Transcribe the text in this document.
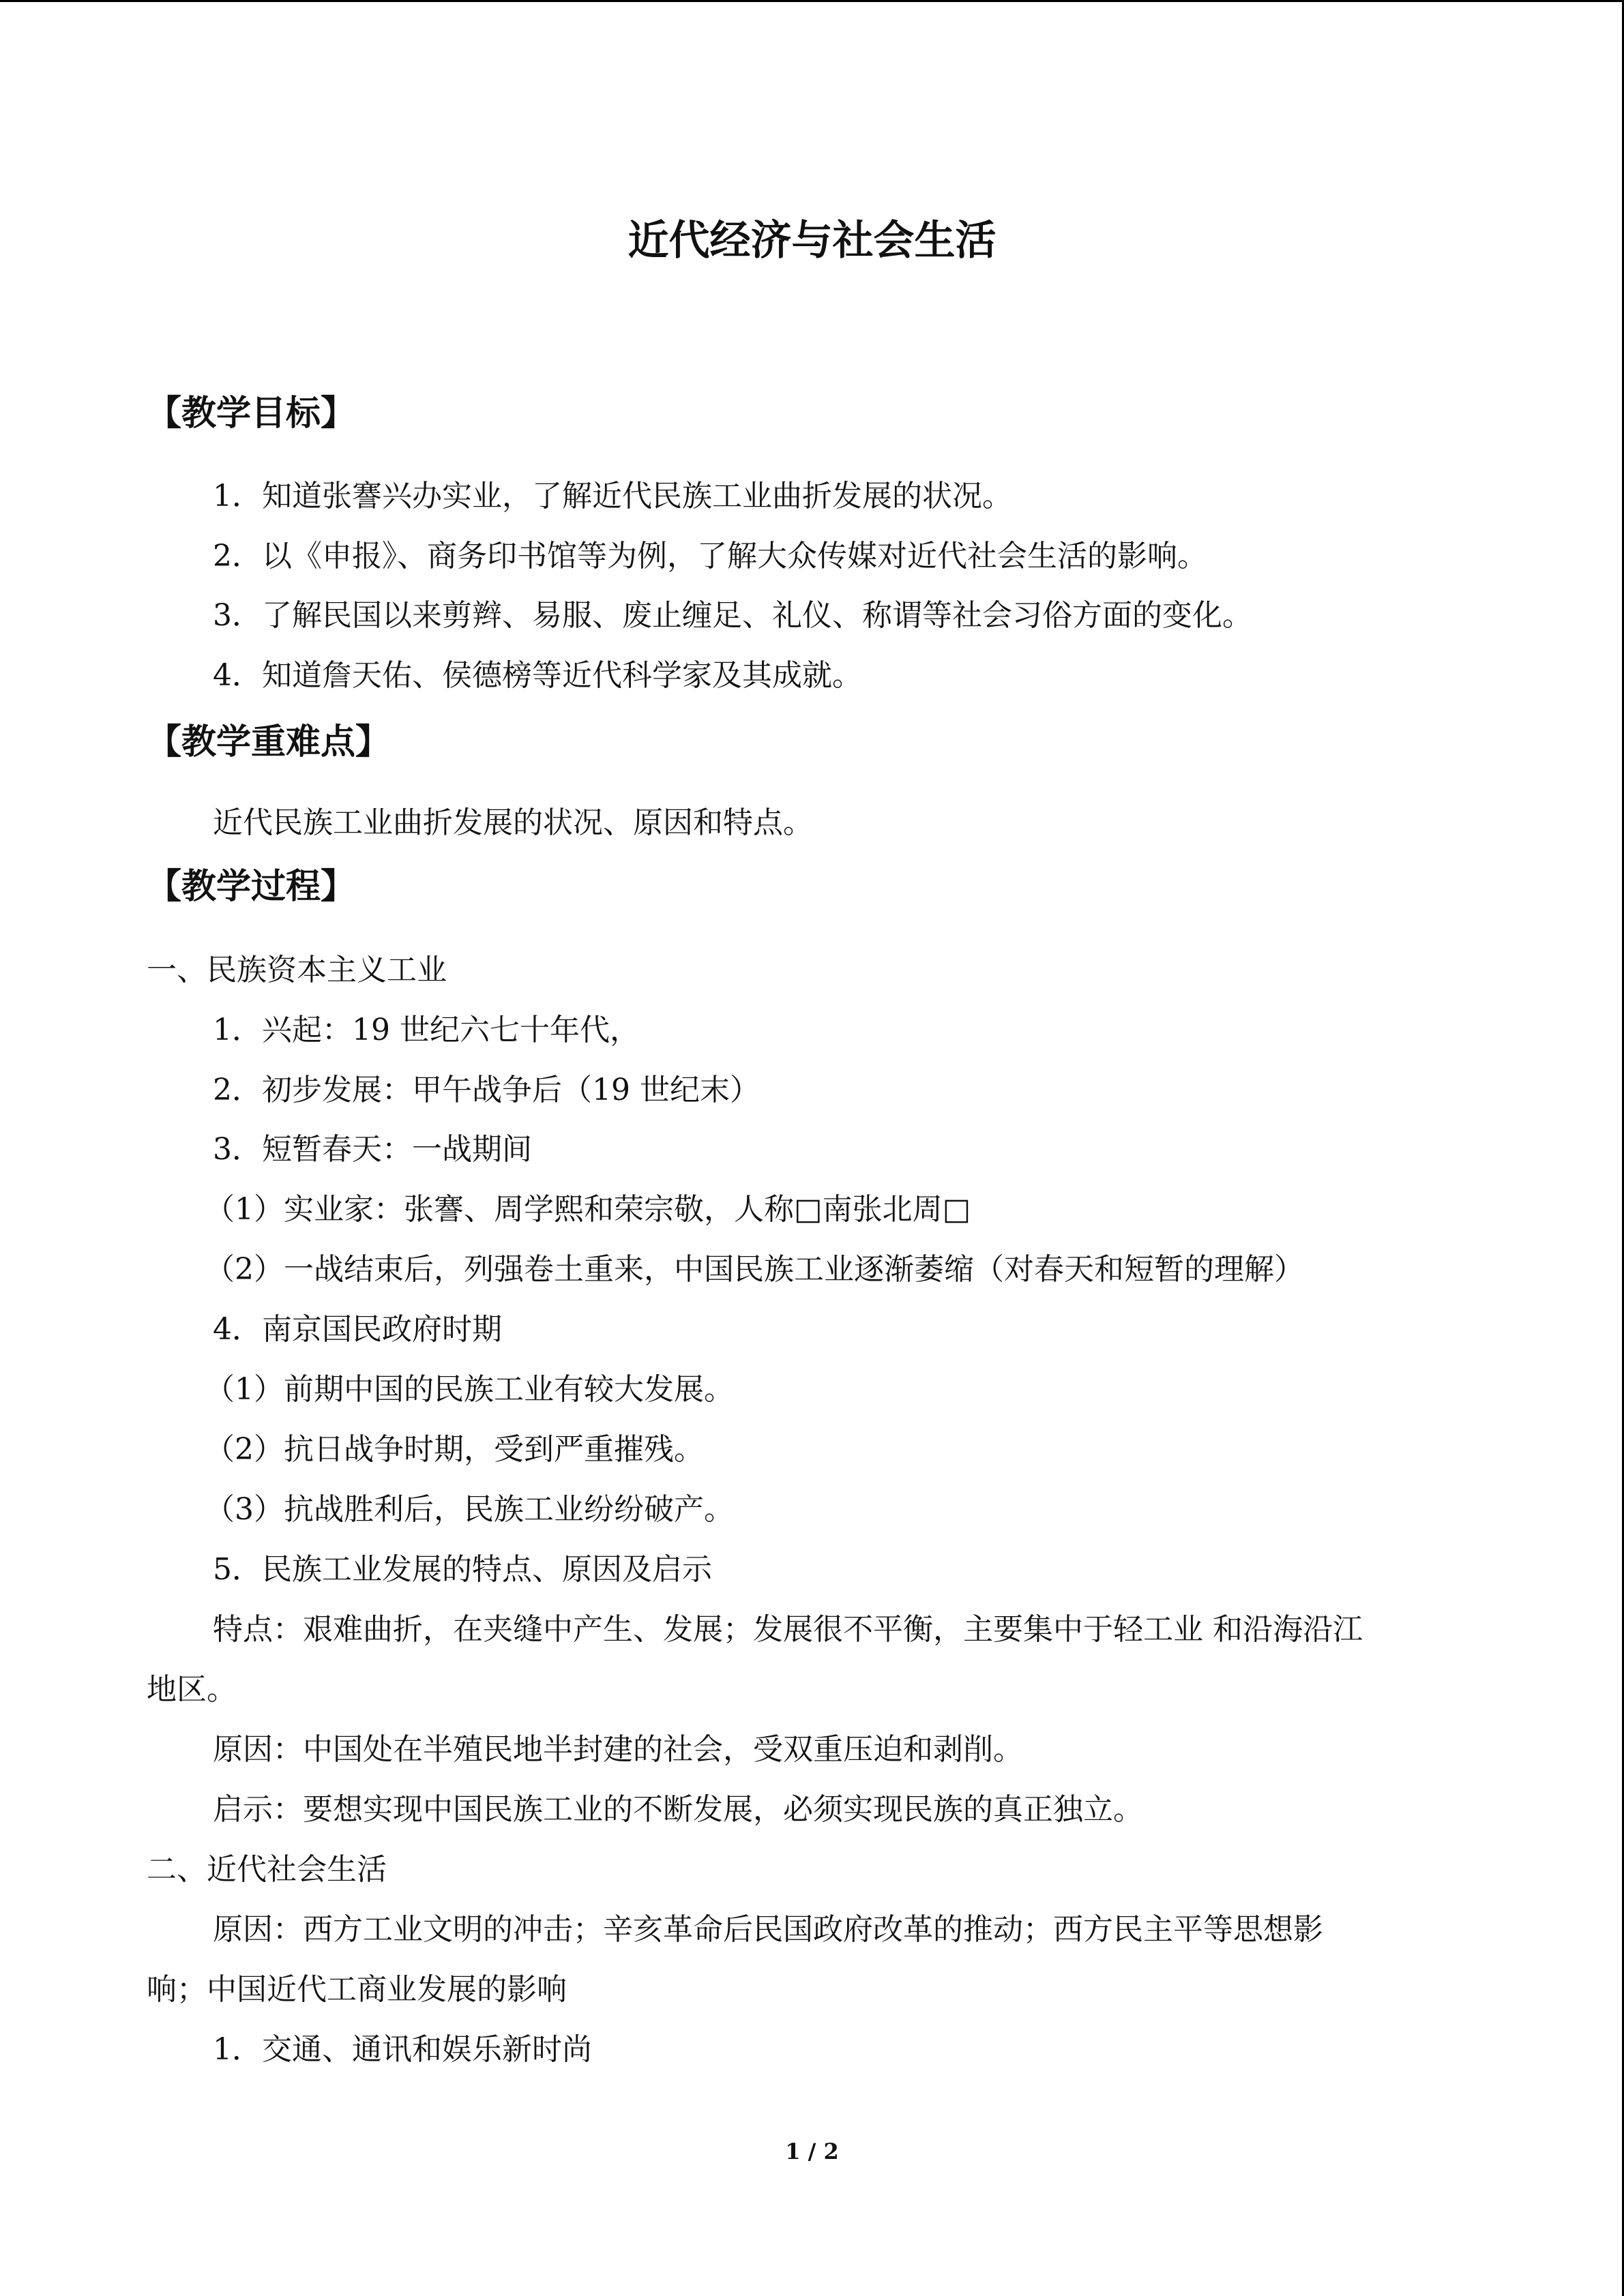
近代经济与社会生活
【教学目标】
1．知道张謇兴办实业，了解近代民族工业曲折发展的状况。
2．以《申报》、商务印书馆等为例，了解大众传媒对近代社会生活的影响。
3．了解民国以来剪辫、易服、废止缠足、礼仪、称谓等社会习俗方面的变化。
4．知道詹天佑、侯德榜等近代科学家及其成就。
【教学重难点】
近代民族工业曲折发展的状况、原因和特点。
【教学过程】
一、民族资本主义工业
1．兴起：19 世纪六七十年代，
2．初步发展：甲午战争后（19 世纪末）
3．短暂春天：一战期间
（1）实业家：张謇、周学熙和荣宗敬，人称□南张北周□
（2）一战结束后，列强卷土重来，中国民族工业逐渐萎缩（对春天和短暂的理解）
4．南京国民政府时期
（1）前期中国的民族工业有较大发展。
（2）抗日战争时期，受到严重摧残。
（3）抗战胜利后，民族工业纷纷破产。
5．民族工业发展的特点、原因及启示
特点：艰难曲折，在夹缝中产生、发展；发展很不平衡，主要集中于轻工业 和沿海沿江
地区。
原因：中国处在半殖民地半封建的社会，受双重压迫和剥削。
启示：要想实现中国民族工业的不断发展，必须实现民族的真正独立。
二、近代社会生活
原因：西方工业文明的冲击；辛亥革命后民国政府改革的推动；西方民主平等思想影
响；中国近代工商业发展的影响
1．交通、通讯和娱乐新时尚
1 / 2
